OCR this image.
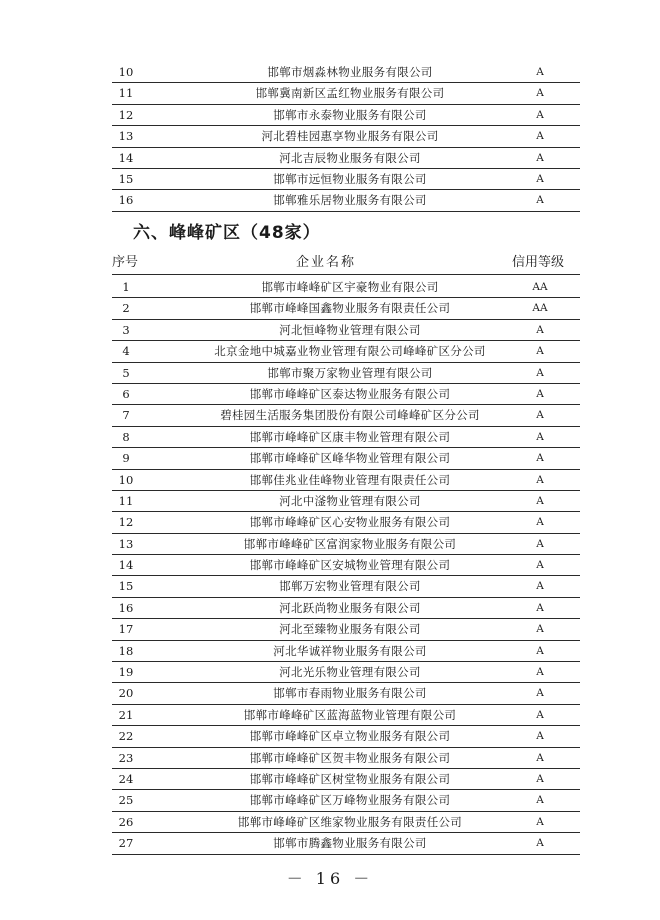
10	邯郸市烟淼林物业服务有限公司	A
11	邯郸冀南新区孟红物业服务有限公司	A
12	邯郸市永泰物业服务有限公司	A
13	河北碧桂园惠享物业服务有限公司	A
14	河北吉辰物业服务有限公司	A
15	邯郸市远恒物业服务有限公司	A
16	邯郸雅乐居物业服务有限公司	A
六、峰峰矿区（48家）
序号	企业名称	信用等级
1	邯郸市峰峰矿区宇豪物业有限公司	AA
2	邯郸市峰峰国鑫物业服务有限责任公司	AA
3	河北恒峰物业管理有限公司	A
4	北京金地中城嘉业物业管理有限公司峰峰矿区分公司	A
5	邯郸市聚万家物业管理有限公司	A
6	邯郸市峰峰矿区泰达物业服务有限公司	A
7	碧桂园生活服务集团股份有限公司峰峰矿区分公司	A
8	邯郸市峰峰矿区康丰物业管理有限公司	A
9	邯郸市峰峰矿区峰华物业管理有限公司	A
10	邯郸佳兆业佳峰物业管理有限责任公司	A
11	河北中滏物业管理有限公司	A
12	邯郸市峰峰矿区心安物业服务有限公司	A
13	邯郸市峰峰矿区富润家物业服务有限公司	A
14	邯郸市峰峰矿区安城物业管理有限公司	A
15	邯郸万宏物业管理有限公司	A
16	河北跃尚物业服务有限公司	A
17	河北至臻物业服务有限公司	A
18	河北华诚祥物业服务有限公司	A
19	河北光乐物业管理有限公司	A
20	邯郸市春雨物业服务有限公司	A
21	邯郸市峰峰矿区蓝海蓝物业管理有限公司	A
22	邯郸市峰峰矿区卓立物业服务有限公司	A
23	邯郸市峰峰矿区贺丰物业服务有限公司	A
24	邯郸市峰峰矿区树堂物业服务有限公司	A
25	邯郸市峰峰矿区万峰物业服务有限公司	A
26	邯郸市峰峰矿区维家物业服务有限责任公司	A
27	邯郸市腾鑫物业服务有限公司	A
－ 16 －
